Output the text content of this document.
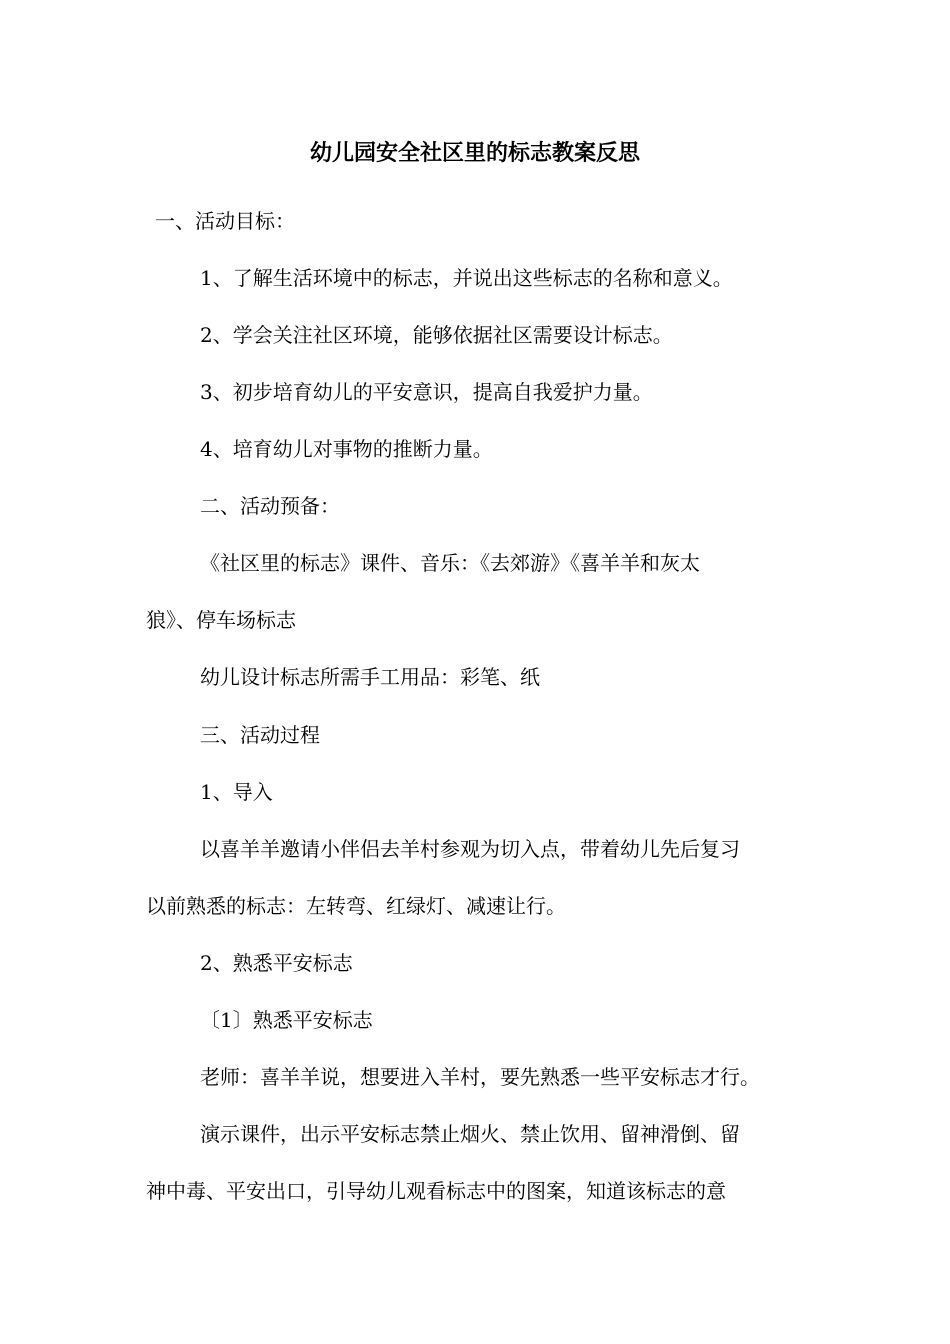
幼儿园安全社区里的标志教案反思
一、活动目标：
1、了解生活环境中的标志，并说出这些标志的名称和意义。
2、学会关注社区环境，能够依据社区需要设计标志。
3、初步培育幼儿的平安意识，提高自我爱护力量。
4、培育幼儿对事物的推断力量。
二、活动预备：
《社区里的标志》课件、音乐：《去郊游》《喜羊羊和灰太
狼》、停车场标志
幼儿设计标志所需手工用品：彩笔、纸
三、活动过程
1、导入
以喜羊羊邀请小伴侣去羊村参观为切入点，带着幼儿先后复习
以前熟悉的标志：左转弯、红绿灯、减速让行。
2、熟悉平安标志
〔1〕熟悉平安标志
老师：喜羊羊说，想要进入羊村，要先熟悉一些平安标志才行。
演示课件，出示平安标志禁止烟火、禁止饮用、留神滑倒、留
神中毒、平安出口，引导幼儿观看标志中的图案，知道该标志的意
